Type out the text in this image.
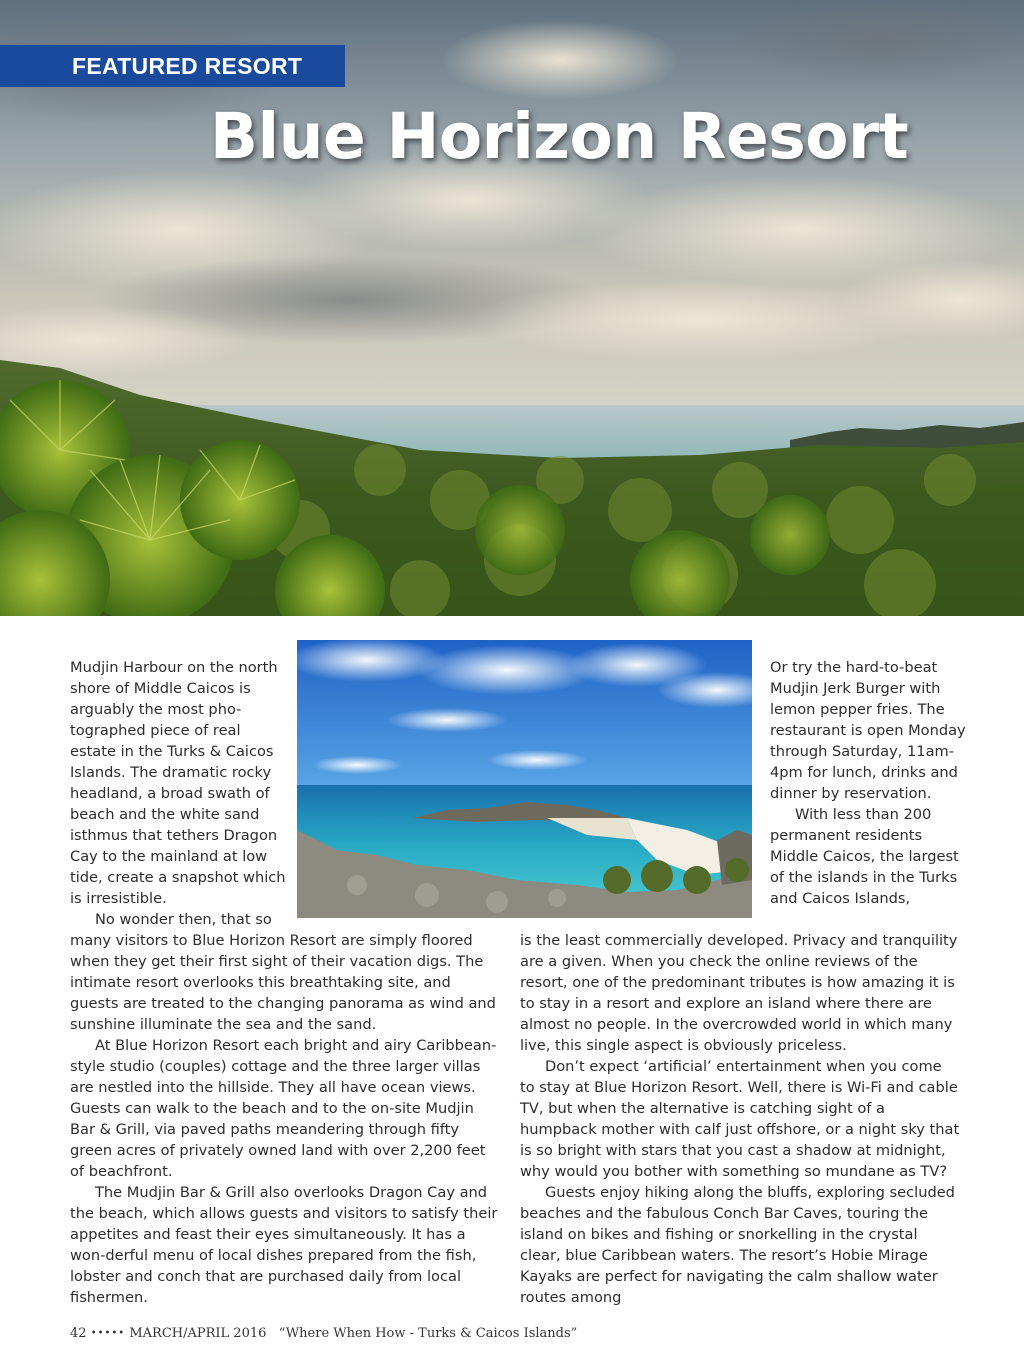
FEATURED RESORT
Blue Horizon Resort

Mudjin Harbour on the north shore of Middle Caicos is arguably the most pho-tographed piece of real estate in the Turks & Caicos Islands. The dramatic rocky headland, a broad swath of beach and the white sand isthmus that tethers Dragon Cay to the mainland at low tide, create a snapshot which is irresistible.

No wonder then, that so

many visitors to Blue Horizon Resort are simply floored when they get their first sight of their vacation digs. The intimate resort overlooks this breathtaking site, and guests are treated to the changing panorama as wind and sunshine illuminate the sea and the sand.

At Blue Horizon Resort each bright and airy Caribbean-style studio (couples) cottage and the three larger villas are nestled into the hillside. They all have ocean views. Guests can walk to the beach and to the on-site Mudjin Bar & Grill, via paved paths meandering through fifty green acres of privately owned land with over 2,200 feet of beachfront.

The Mudjin Bar & Grill also overlooks Dragon Cay and the beach, which allows guests and visitors to satisfy their appetites and feast their eyes simultaneously. It has a won-derful menu of local dishes prepared from the fish, lobster and conch that are purchased daily from local fishermen.

Or try the hard-to-beat Mudjin Jerk Burger with lemon pepper fries. The restaurant is open Monday through Saturday, 11am-4pm for lunch, drinks and dinner by reservation.

With less than 200 permanent residents Middle Caicos, the largest of the islands in the Turks and Caicos Islands,

is the least commercially developed. Privacy and tranquility are a given. When you check the online reviews of the resort, one of the predominant tributes is how amazing it is to stay in a resort and explore an island where there are almost no people. In the overcrowded world in which many live, this single aspect is obviously priceless.

Don’t expect ‘artificial’ entertainment when you come to stay at Blue Horizon Resort. Well, there is Wi-Fi and cable TV, but when the alternative is catching sight of a humpback mother with calf just offshore, or a night sky that is so bright with stars that you cast a shadow at midnight, why would you bother with something so mundane as TV?

Guests enjoy hiking along the bluffs, exploring secluded beaches and the fabulous Conch Bar Caves, touring the island on bikes and fishing or snorkelling in the crystal clear, blue Caribbean waters. The resort’s Hobie Mirage Kayaks are perfect for navigating the calm shallow water routes among

42 ••••• MARCH/APRIL 2016 “Where When How - Turks & Caicos Islands”
